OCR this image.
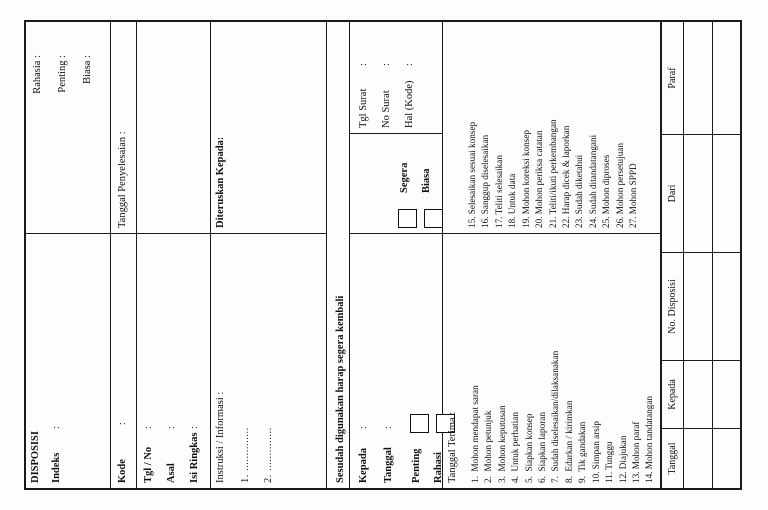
DISPOSISI Indeks
:
Rahasia : Penting : Biasa :
Kode
:
Tanggal Penyelesaian :
Tgl / No
:
Asal
:
Isi Ringkas
: Instruksi / Informasi : 1. .............. 2. ..............
Diteruskan Kepada:
Sesudah digunakan harap segera kembali Kepada
:
Tanggal
:
Penting Rahasi
Segera Biasa
Tgl Surat
:
No Surat
:
Hal (Kode)
:
Tanggal Terima :	1.  Mohon mendapat saran 2.  Mohon petunjuk 3.  Mohon keputusan 4.  Untuk perhatian 5.  Siapkan konsep 6.  Siapkan laporan 7.  Sudah diselesaikan/dilaksanakan 8.  Edarkan / kirimkan 9.  Tik gandakan 10. Simpan arsip 11. Tunggu 12. Diajukan 13. Mohon paraf 14. Mohon tandatangan
15. Selesaikan sesuai konsep 16. Sanggup diselesaikan 17. Teliti selesaikan 18. Untuk data 19. Mohon koreksi konsep 20. Mohon periksa catatan 21. Teliti/ikuti perkembangan 22. Harap dicek & laporkan 23. Sudah diketahui 24. Sudah ditandatangani 25. Mohon diproses 26. Mohon persetujuan 27. Mohon SPPD
Tanggal
Kepada
No. Disposisi
Dari
Paraf
